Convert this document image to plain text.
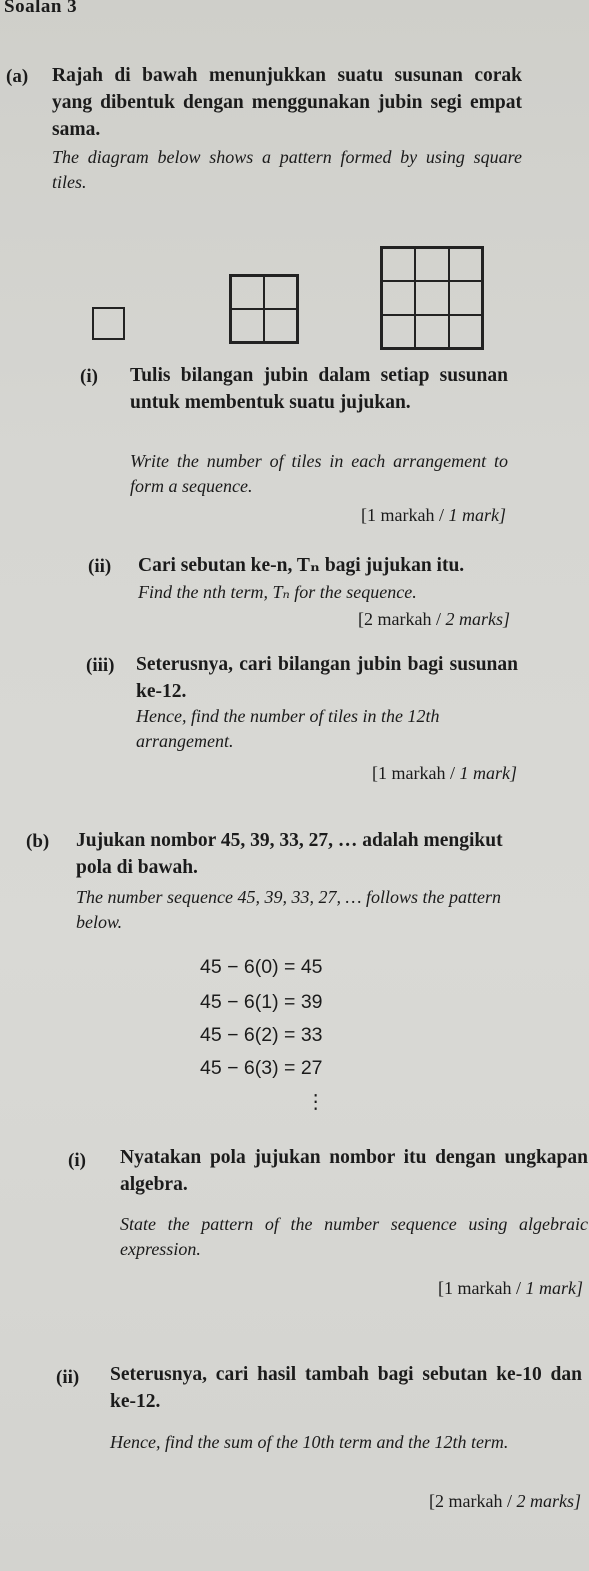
Soalan 3
(a) Rajah di bawah menunjukkan suatu susunan corak yang dibentuk dengan menggunakan jubin segi empat sama.
The diagram below shows a pattern formed by using square tiles.
(i) Tulis bilangan jubin dalam setiap susunan untuk membentuk suatu jujukan.
Write the number of tiles in each arrangement to form a sequence.
[1 markah / 1 mark]
(ii) Cari sebutan ke-n, Tₙ bagi jujukan itu.
Find the nth term, Tₙ for the sequence.
[2 markah / 2 marks]
(iii) Seterusnya, cari bilangan jubin bagi susunan ke-12.
Hence, find the number of tiles in the 12th arrangement.
[1 markah / 1 mark]
(b) Jujukan nombor 45, 39, 33, 27, … adalah mengikut pola di bawah.
The number sequence 45, 39, 33, 27, … follows the pattern below.
45 − 6(0) = 45
45 − 6(1) = 39
45 − 6(2) = 33
45 − 6(3) = 27
⋮
(i) Nyatakan pola jujukan nombor itu dengan ungkapan algebra.
State the pattern of the number sequence using algebraic expression.
[1 markah / 1 mark]
(ii) Seterusnya, cari hasil tambah bagi sebutan ke-10 dan ke-12.
Hence, find the sum of the 10th term and the 12th term.
[2 markah / 2 marks]
